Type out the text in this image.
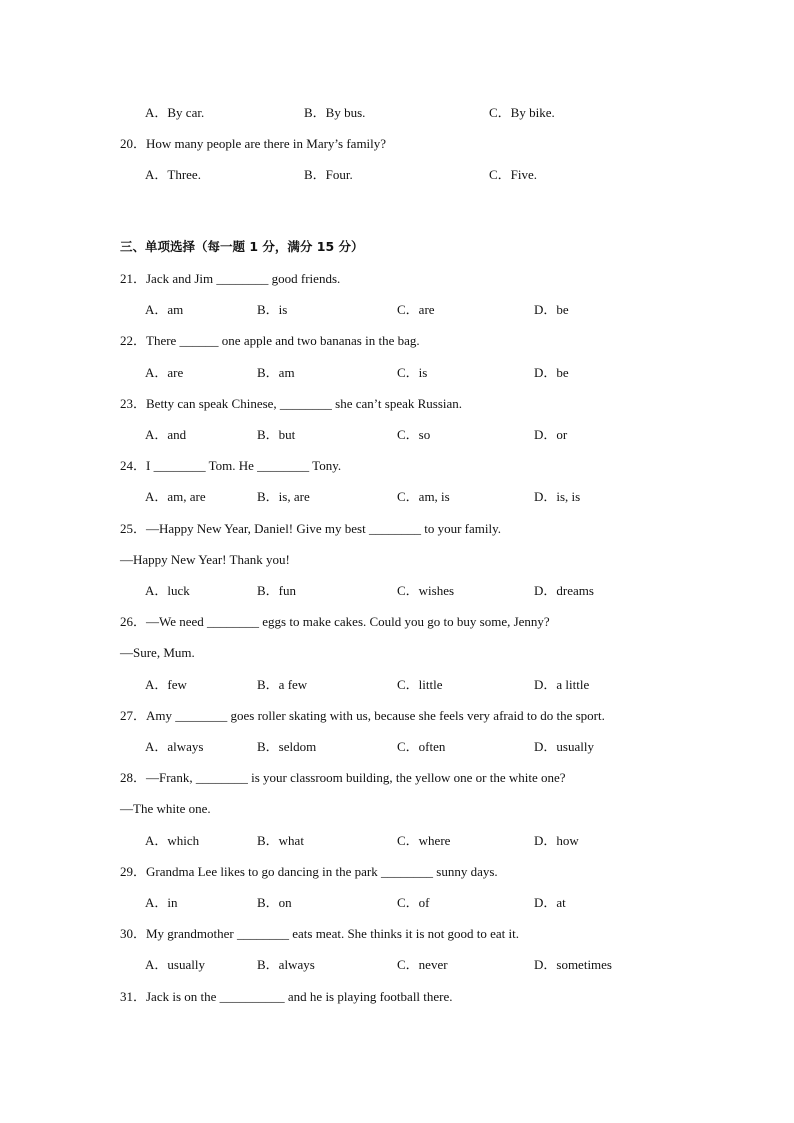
A．By car.	B．By bus.	C．By bike.
20．How many people are there in Mary’s family?
A．Three.	B．Four.	C．Five.
三、单项选择（每一题 1 分，满分 15 分）
21．Jack and Jim ________ good friends.
A．am	B．is	C．are	D．be
22．There ______ one apple and two bananas in the bag.
A．are	B．am	C．is	D．be
23．Betty can speak Chinese, ________ she can’t speak Russian.
A．and	B．but	C．so	D．or
24．I ________ Tom. He ________ Tony.
A．am, are	B．is, are	C．am, is	D．is, is
25．—Happy New Year, Daniel! Give my best ________ to your family.
—Happy New Year! Thank you!
A．luck	B．fun	C．wishes	D．dreams
26．—We need ________ eggs to make cakes. Could you go to buy some, Jenny?
—Sure, Mum.
A．few	B．a few	C．little	D．a little
27．Amy ________ goes roller skating with us, because she feels very afraid to do the sport.
A．always	B．seldom	C．often	D．usually
28．—Frank, ________ is your classroom building, the yellow one or the white one?
—The white one.
A．which	B．what	C．where	D．how
29．Grandma Lee likes to go dancing in the park ________ sunny days.
A．in	B．on	C．of	D．at
30．My grandmother ________ eats meat. She thinks it is not good to eat it.
A．usually	B．always	C．never	D．sometimes
31．Jack is on the __________ and he is playing football there.
